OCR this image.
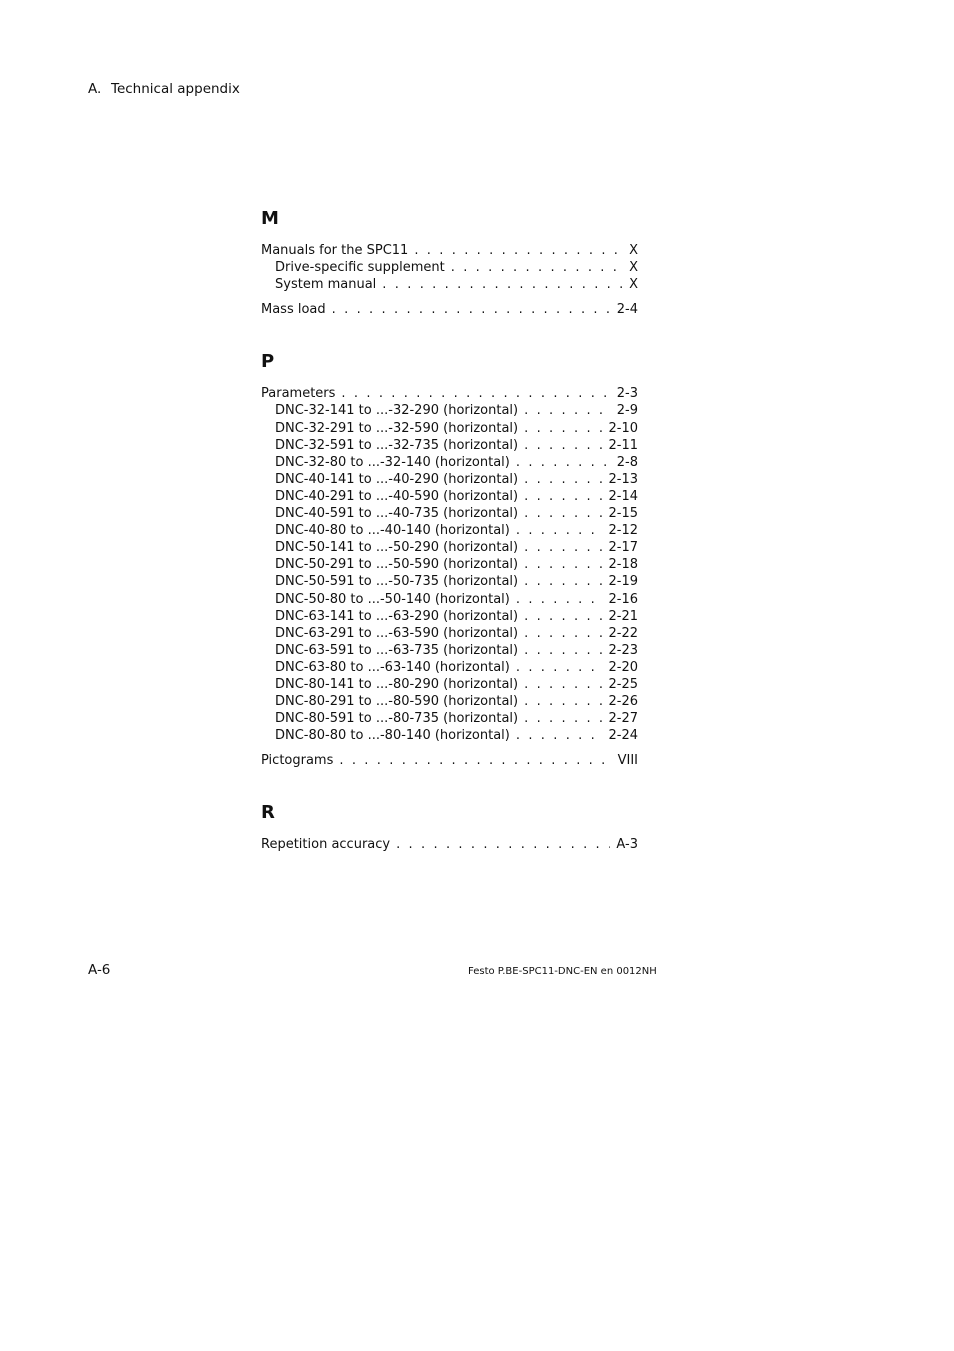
A. Technical appendix
M
Manuals for the SPC11 . . .	X
Drive-specific supplement . . .	X
System manual . . .	X
Mass load . . .	2-4
P
Parameters . . .	2-3
DNC-32-141 to ...-32-290 (horizontal) . . .	2-9
DNC-32-291 to ...-32-590 (horizontal) . . .	2-10
DNC-32-591 to ...-32-735 (horizontal) . . .	2-11
DNC-32-80 to ...-32-140 (horizontal) . . .	2-8
DNC-40-141 to ...-40-290 (horizontal) . . .	2-13
DNC-40-291 to ...-40-590 (horizontal) . . .	2-14
DNC-40-591 to ...-40-735 (horizontal) . . .	2-15
DNC-40-80 to ...-40-140 (horizontal) . . .	2-12
DNC-50-141 to ...-50-290 (horizontal) . . .	2-17
DNC-50-291 to ...-50-590 (horizontal) . . .	2-18
DNC-50-591 to ...-50-735 (horizontal) . . .	2-19
DNC-50-80 to ...-50-140 (horizontal) . . .	2-16
DNC-63-141 to ...-63-290 (horizontal) . . .	2-21
DNC-63-291 to ...-63-590 (horizontal) . . .	2-22
DNC-63-591 to ...-63-735 (horizontal) . . .	2-23
DNC-63-80 to ...-63-140 (horizontal) . . .	2-20
DNC-80-141 to ...-80-290 (horizontal) . . .	2-25
DNC-80-291 to ...-80-590 (horizontal) . . .	2-26
DNC-80-591 to ...-80-735 (horizontal) . . .	2-27
DNC-80-80 to ...-80-140 (horizontal) . . .	2-24
Pictograms . . .	VIII
R
Repetition accuracy . . .	A-3
A-6	Festo P.BE-SPC11-DNC-EN en 0012NH
